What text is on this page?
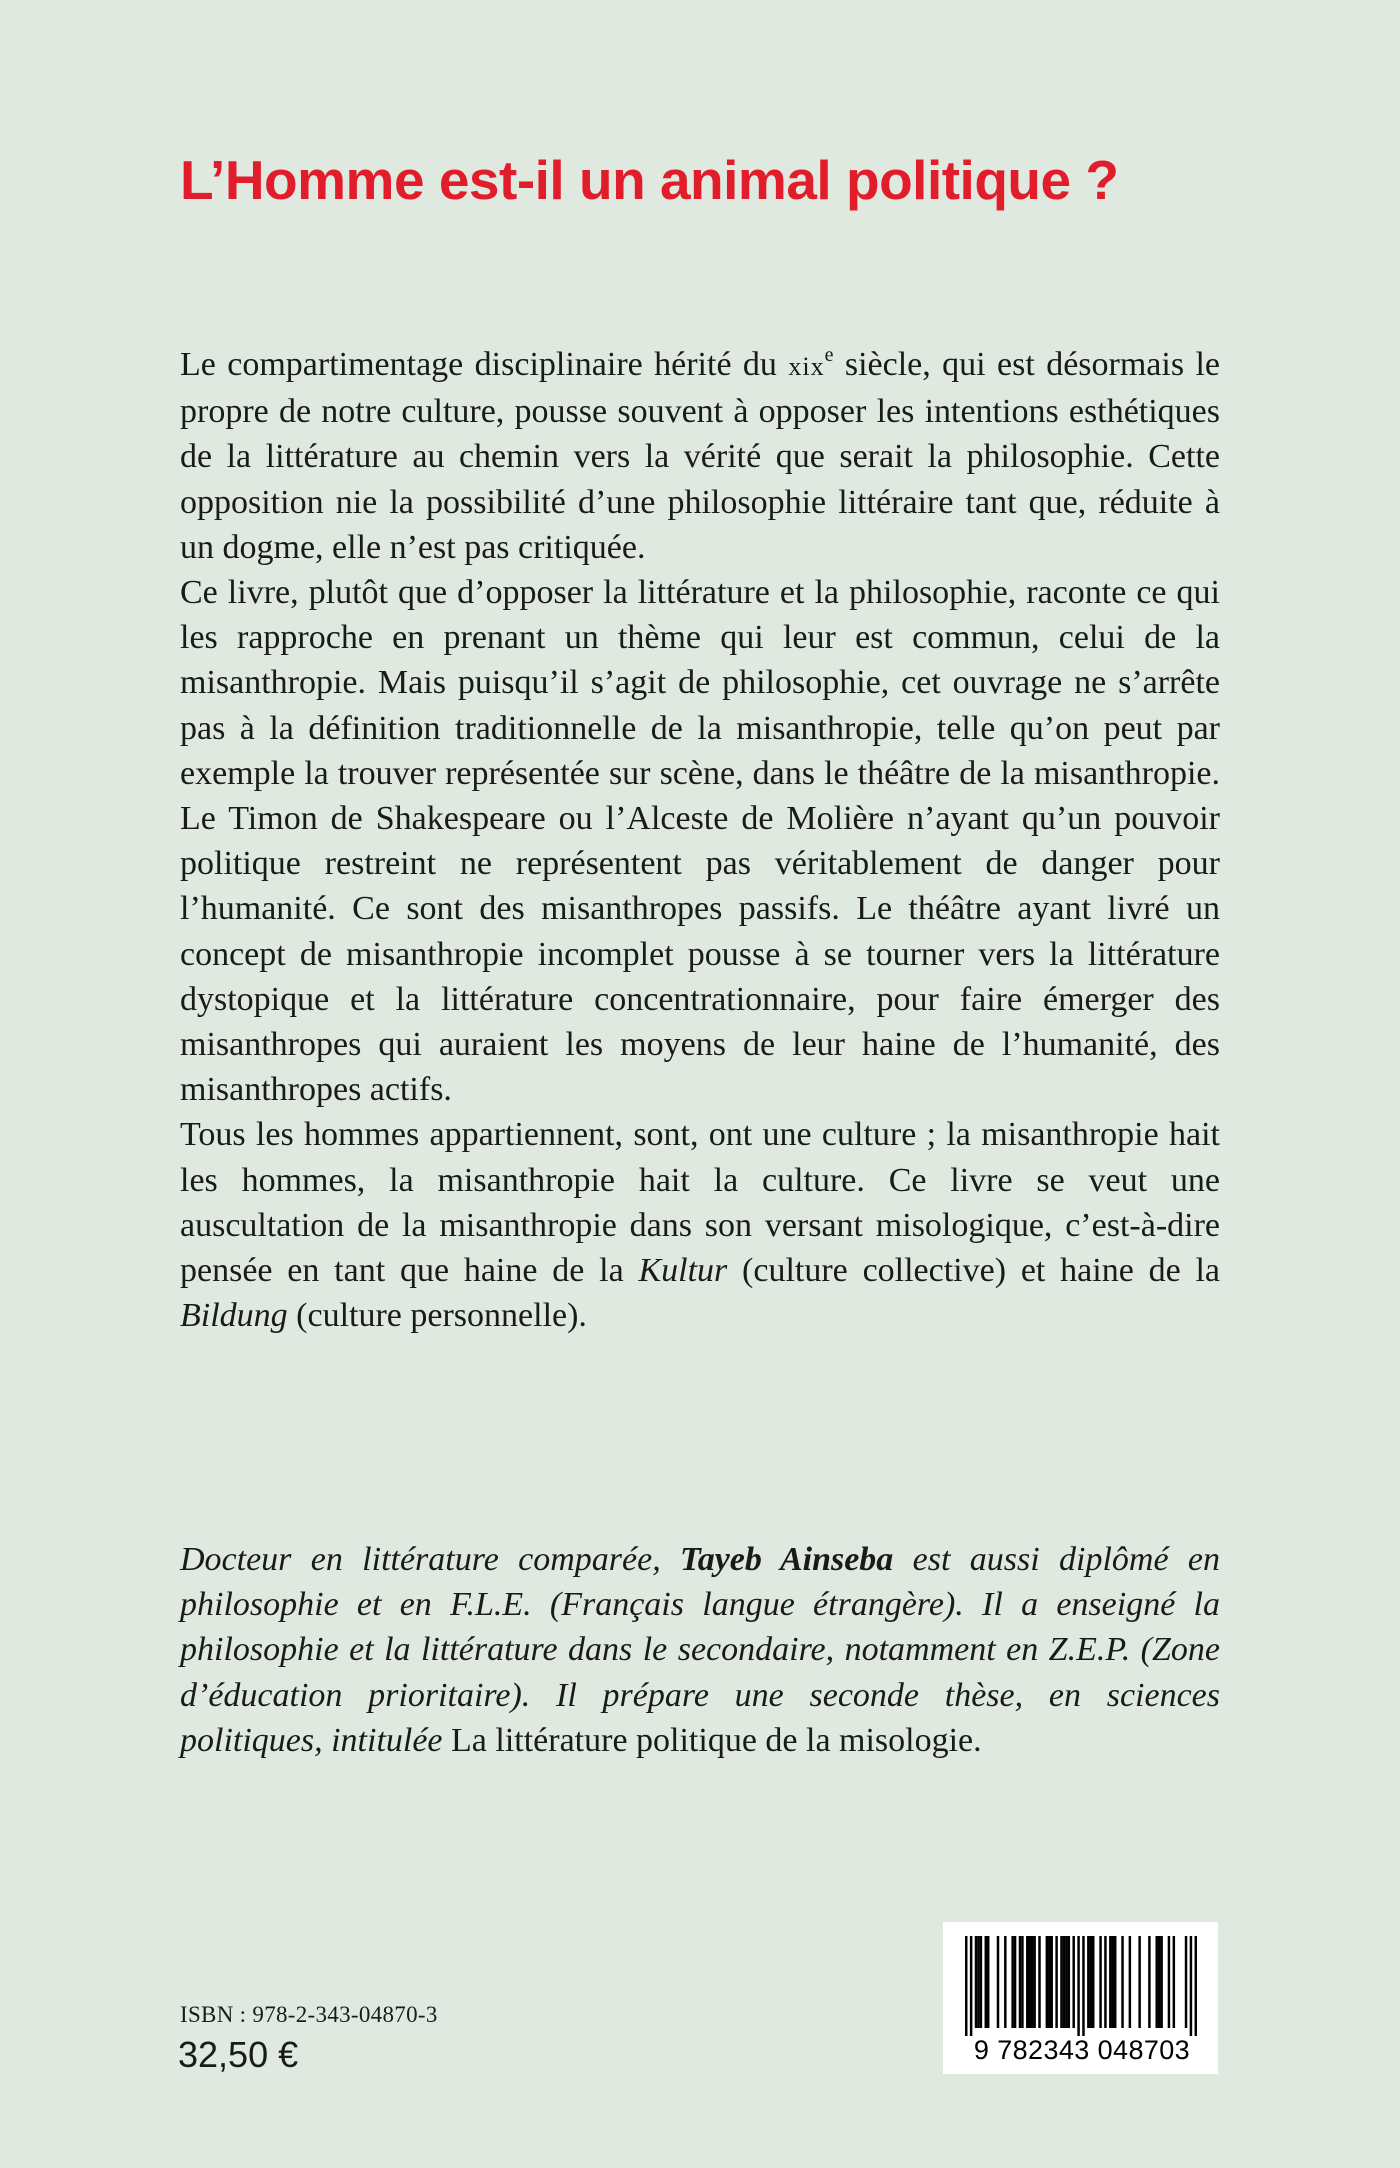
L’Homme est-il un animal politique ?

Le compartimentage disciplinaire hérité du xix$^e$ siècle, qui est désormais le propre de notre culture, pousse souvent à opposer les intentions esthétiques de la littérature au chemin vers la vérité que serait la philosophie. Cette opposition nie la possibilité d’une philosophie littéraire tant que, réduite à un dogme, elle n’est pas critiquée.

Ce livre, plutôt que d’opposer la littérature et la philosophie, raconte ce qui les rapproche en prenant un thème qui leur est commun, celui de la misanthropie. Mais puisqu’il s’agit de philosophie, cet ouvrage ne s’arrête pas à la définition traditionnelle de la misanthropie, telle qu’on peut par exemple la trouver représentée sur scène, dans le théâtre de la misanthropie. Le Timon de Shakespeare ou l’Alceste de Molière n’ayant qu’un pouvoir politique restreint ne représentent pas véritablement de danger pour l’humanité. Ce sont des misanthropes passifs. Le théâtre ayant livré un concept de misanthropie incomplet pousse à se tourner vers la littérature dystopique et la littérature concentrationnaire, pour faire émerger des misanthropes qui auraient les moyens de leur haine de l’humanité, des misanthropes actifs.

Tous les hommes appartiennent, sont, ont une culture ; la misanthropie hait les hommes, la misanthropie hait la culture. Ce livre se veut une auscultation de la misanthropie dans son versant misologique, c’est-à-dire pensée en tant que haine de la Kultur (culture collective) et haine de la Bildung (culture personnelle).

Docteur en littérature comparée, Tayeb Ainseba est aussi diplômé en philosophie et en F.L.E. (Français langue étrangère). Il a enseigné la philosophie et la littérature dans le secondaire, notamment en Z.E.P. (Zone d’éducation prioritaire). Il prépare une seconde thèse, en sciences politiques, intitulée La littérature politique de la misologie.

ISBN : 978-2-343-04870-3
32,50 €	9 782343 048703
